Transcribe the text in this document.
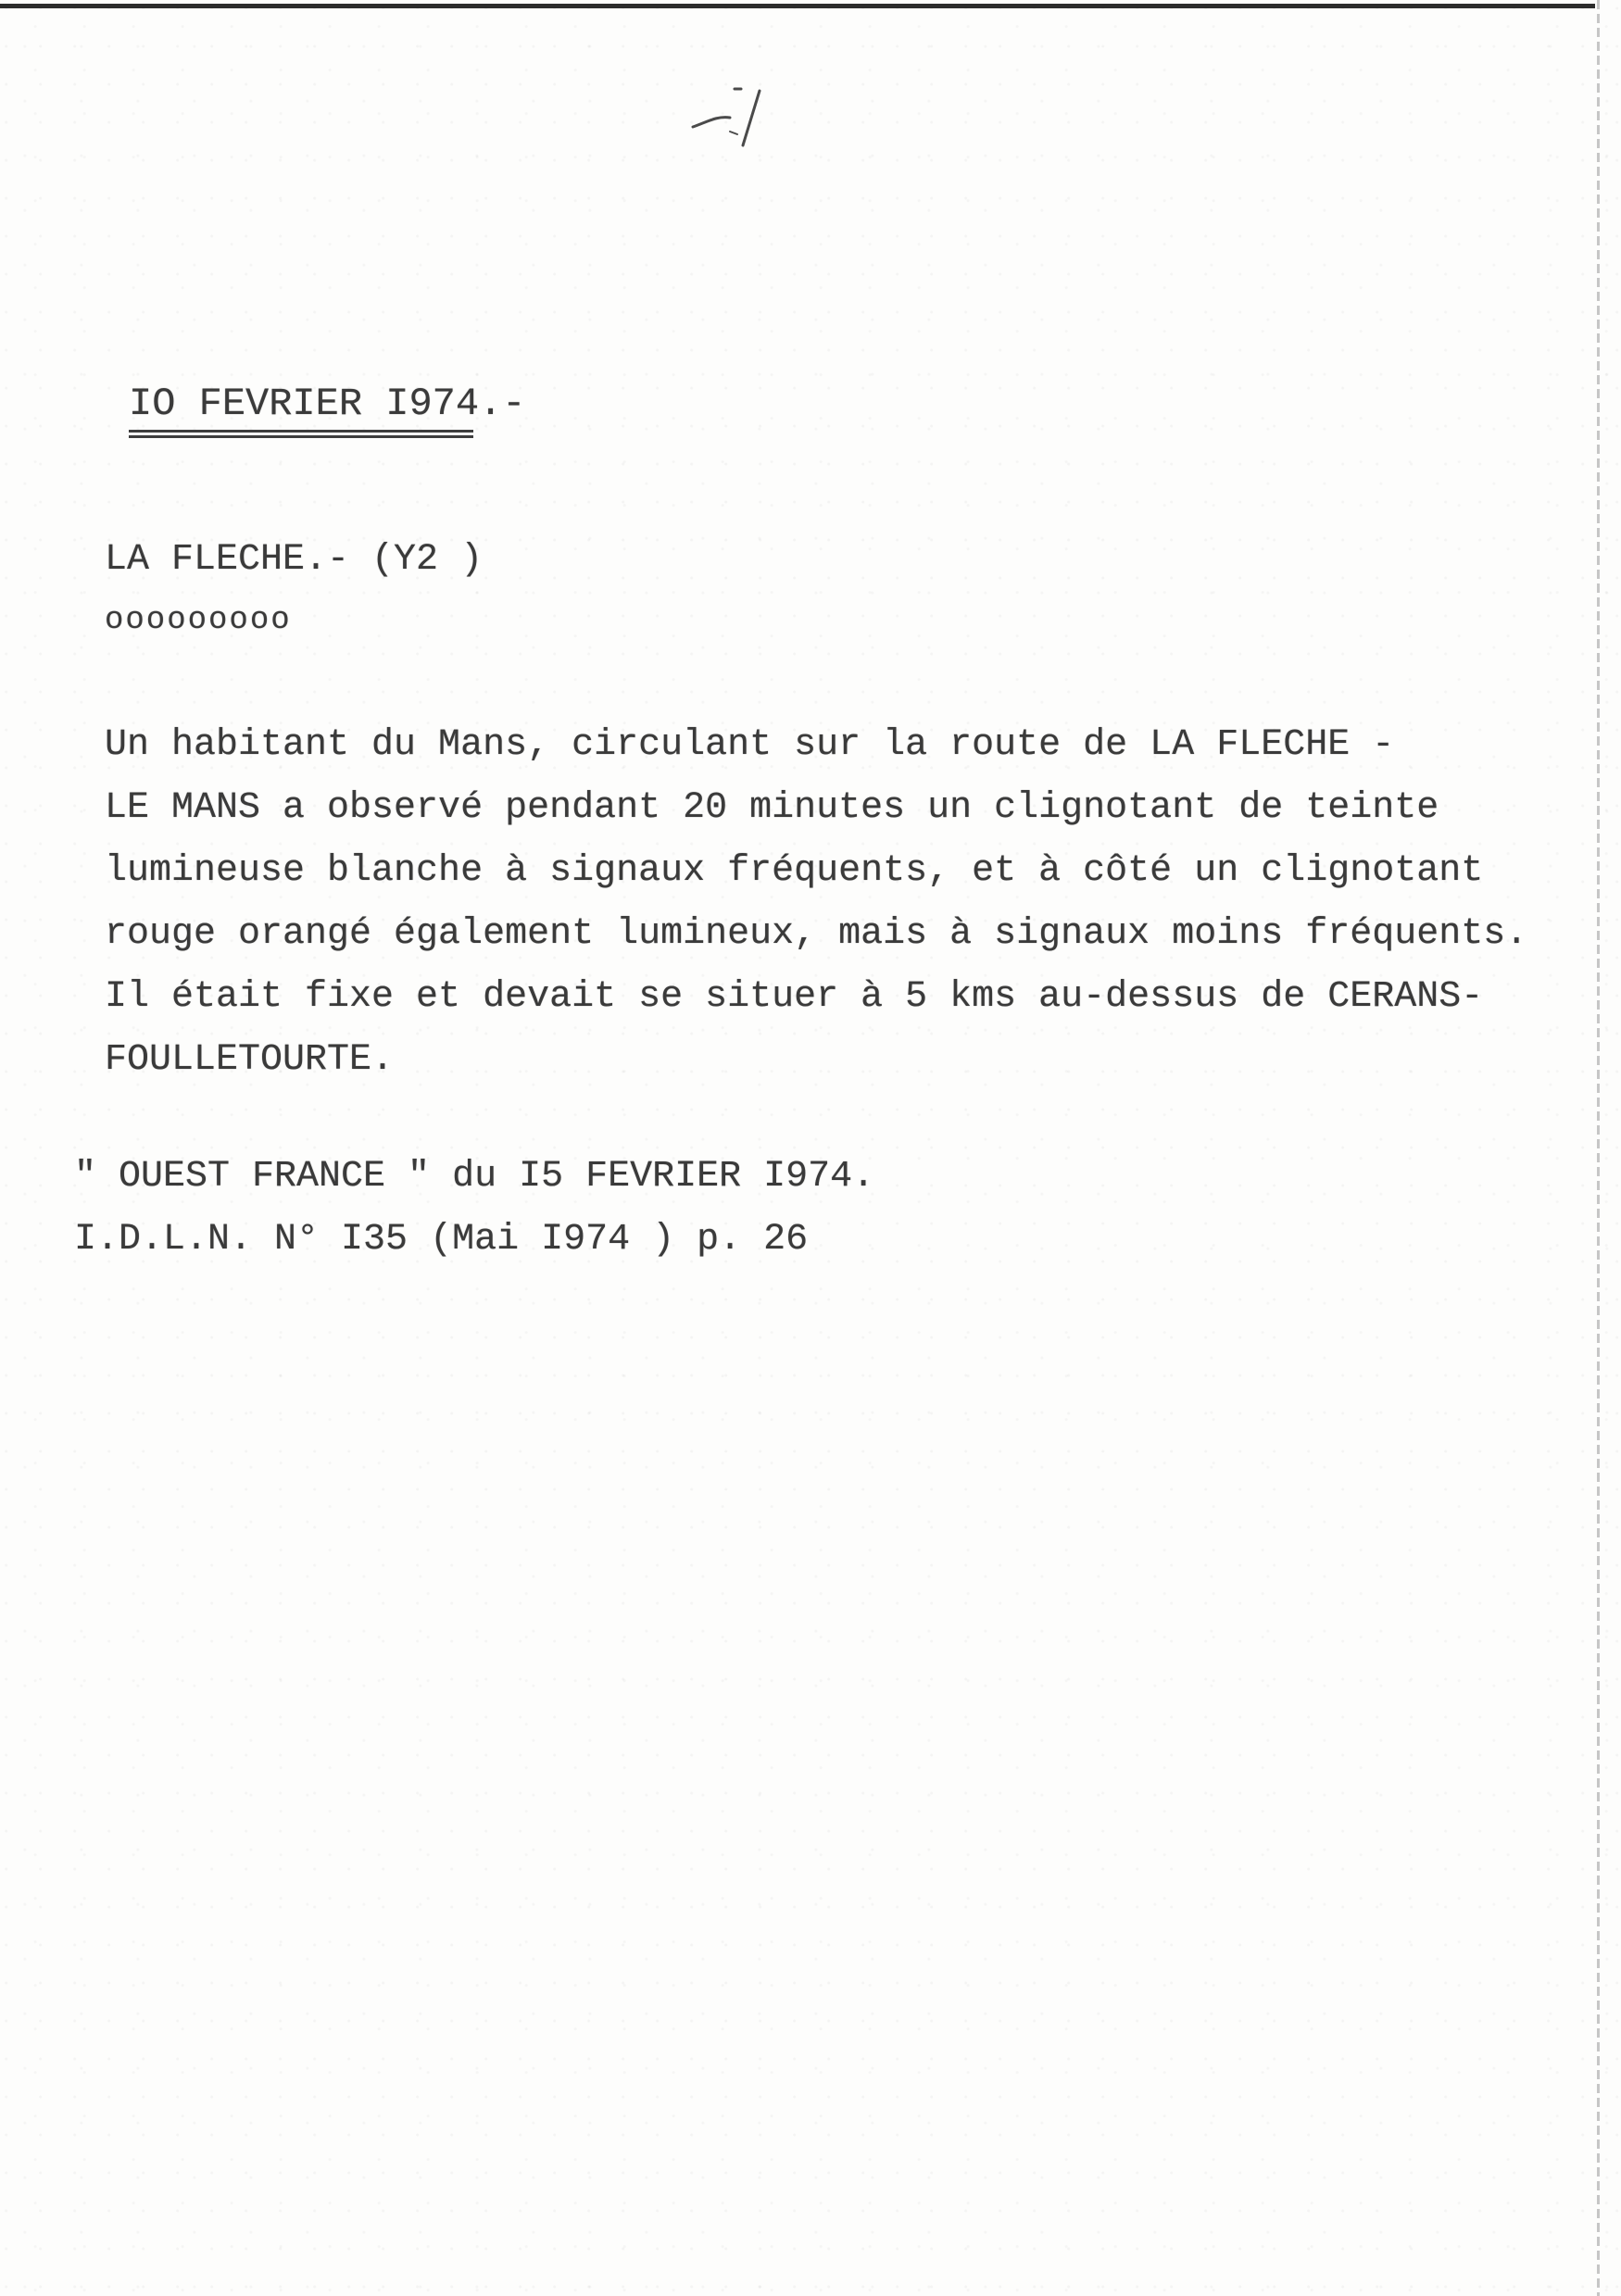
IO FEVRIER I974.-
LA FLECHE.- (Y2 )
ooooooooo
Un habitant du Mans, circulant sur la route de LA FLECHE -
LE MANS a observé pendant 20 minutes un clignotant de teinte
lumineuse blanche à signaux fréquents, et à côté un clignotant
rouge orangé également lumineux, mais à signaux moins fréquents.
Il était fixe et devait se situer à 5 kms au-dessus de CERANS-
FOULLETOURTE.
" OUEST FRANCE " du I5 FEVRIER I974.
I.D.L.N. N° I35 (Mai I974 ) p. 26
